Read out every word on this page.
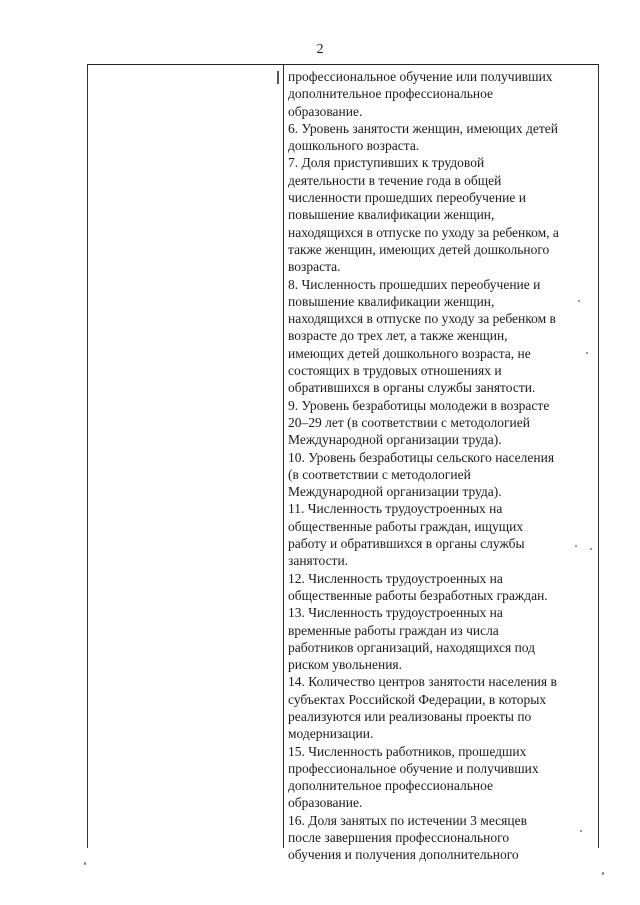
2
профессиональное обучение или получивших
дополнительное профессиональное
образование.
6. Уровень занятости женщин, имеющих детей
дошкольного возраста.
7. Доля приступивших к трудовой
деятельности в течение года в общей
численности прошедших переобучение и
повышение квалификации женщин,
находящихся в отпуске по уходу за ребенком, а
также женщин, имеющих детей дошкольного
возраста.
8. Численность прошедших переобучение и
повышение квалификации женщин,
находящихся в отпуске по уходу за ребенком в
возрасте до трех лет, а также женщин,
имеющих детей дошкольного возраста, не
состоящих в трудовых отношениях и
обратившихся в органы службы занятости.
9. Уровень безработицы молодежи в возрасте
20–29 лет (в соответствии с методологией
Международной организации труда).
10. Уровень безработицы сельского населения
(в соответствии с методологией
Международной организации труда).
11. Численность трудоустроенных на
общественные работы граждан, ищущих
работу и обратившихся в органы службы
занятости.
12. Численность трудоустроенных на
общественные работы безработных граждан.
13. Численность трудоустроенных на
временные работы граждан из числа
работников организаций, находящихся под
риском увольнения.
14. Количество центров занятости населения в
субъектах Российской Федерации, в которых
реализуются или реализованы проекты по
модернизации.
15. Численность работников, прошедших
профессиональное обучение и получивших
дополнительное профессиональное
образование.
16. Доля занятых по истечении 3 месяцев
после завершения профессионального
обучения и получения дополнительного
